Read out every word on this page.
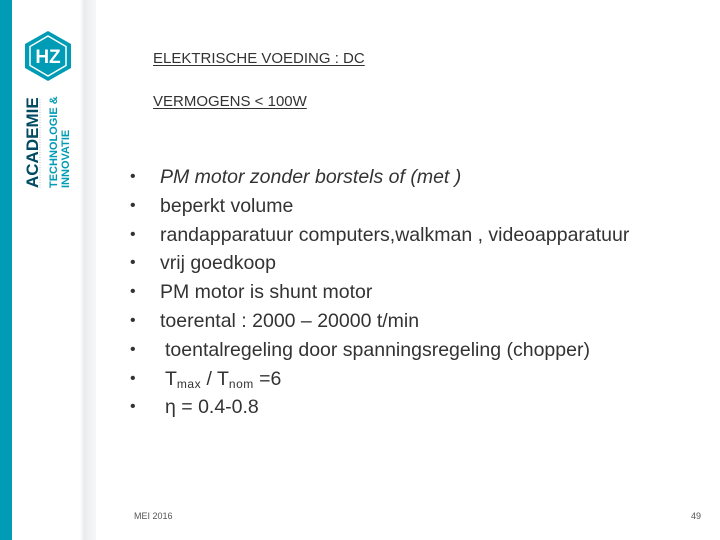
HZ
ACADEMIE TECHNOLOGIE & INNOVATIE
ELEKTRISCHE VOEDING : DC
VERMOGENS < 100W
•	PM motor zonder borstels of (met )
•	beperkt volume
•	randapparatuur computers,walkman , videoapparatuur
•	vrij goedkoop
•	PM motor is shunt motor
•	toerental : 2000 – 20000 t/min
•	toentalregeling door spanningsregeling (chopper)
•	$T_{max} / T_{nom} =6$
•	η = 0.4-0.8
MEI 2016	49
